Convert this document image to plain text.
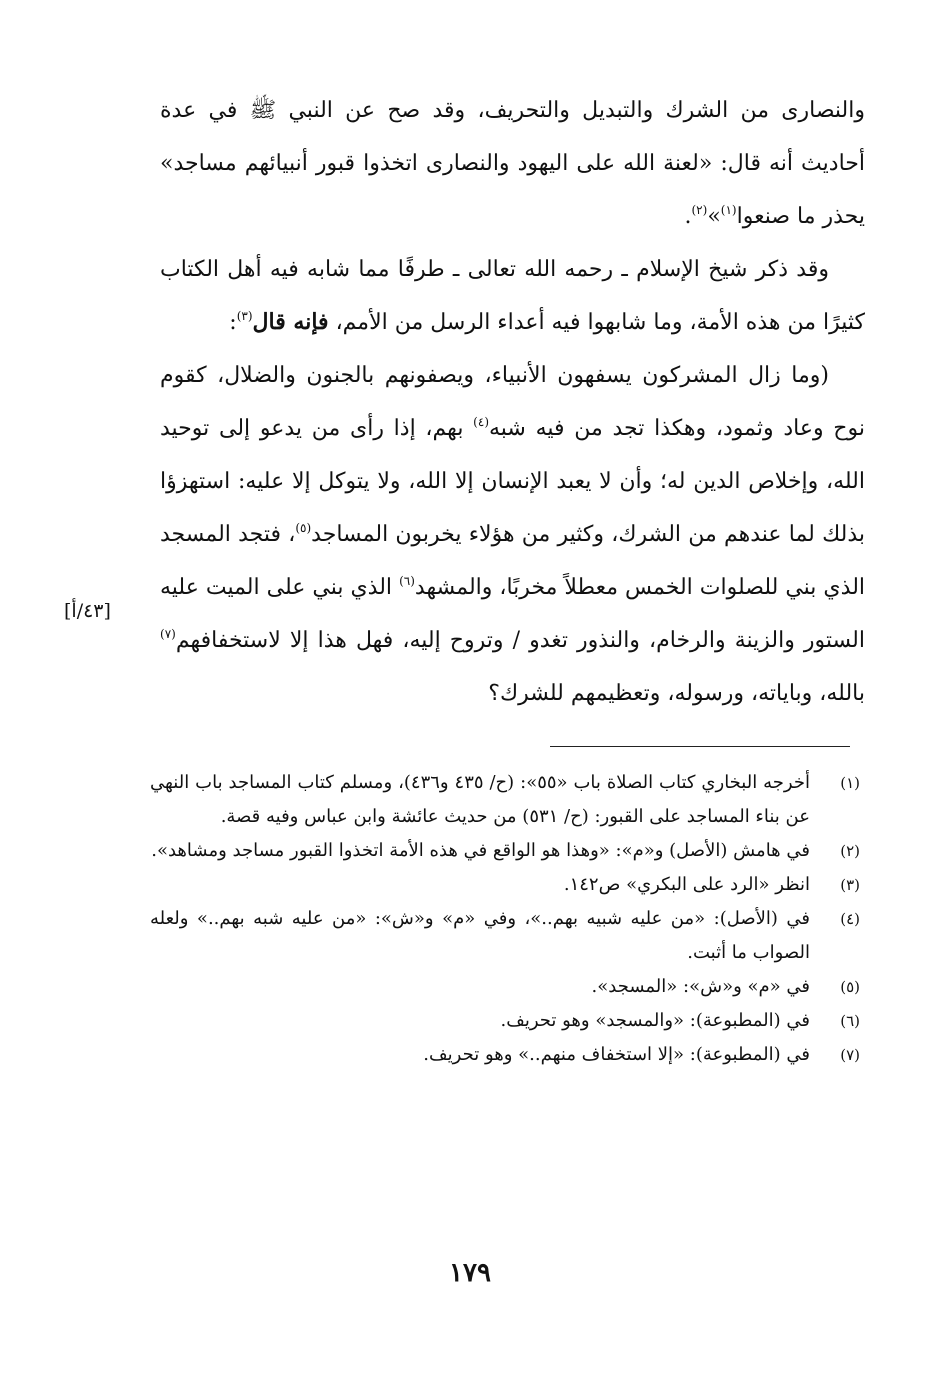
والنصارى من الشرك والتبديل والتحريف، وقد صح عن النبي ﷺ في عدة أحاديث أنه قال: «لعنة الله على اليهود والنصارى اتخذوا قبور أنبيائهم مساجد» يحذر ما صنعوا$^{(١)}$»$^{(٢)}$.

وقد ذكر شيخ الإسلام ـ رحمه الله تعالى ـ طرفًا مما شابه فيه أهل الكتاب كثيرًا من هذه الأمة، وما شابهوا فيه أعداء الرسل من الأمم، فإنه قال$^{(٣)}$:

(وما زال المشركون يسفهون الأنبياء، ويصفونهم بالجنون والضلال، كقوم نوح وعاد وثمود، وهكذا تجد من فيه شبه$^{(٤)}$ بهم، إذا رأى من يدعو إلى توحيد الله، وإخلاص الدين له؛ وأن لا يعبد الإنسان إلا الله، ولا يتوكل إلا عليه: استهزؤا بذلك لما عندهم من الشرك، وكثير من هؤلاء يخربون المساجد$^{(٥)}$، فتجد المسجد الذي بني للصلوات الخمس معطلاً مخربًا، والمشهد$^{(٦)}$ الذي بني على الميت عليه الستور والزينة والرخام، والنذور تغدو / وتروح إليه، فهل هذا إلا لاستخفافهم$^{(٧)}$ بالله، وباياته، ورسوله، وتعظيمهم للشرك؟

[٤٣/أ]
(١)
أخرجه البخاري كتاب الصلاة باب «٥٥»: (ح/ ٤٣٥ و٤٣٦)، ومسلم كتاب المساجد باب النهي عن بناء المساجد على القبور: (ح/ ٥٣١) من حديث عائشة وابن عباس وفيه قصة.
(٢)
في هامش (الأصل) و«م»: «وهذا هو الواقع في هذه الأمة اتخذوا القبور مساجد ومشاهد».
(٣)
انظر «الرد على البكري» ص١٤٢.
(٤)
في (الأصل): «من عليه شبيه بهم..»، وفي «م» و«ش»: «من عليه شبه بهم..» ولعله الصواب ما أثبت.
(٥)
في «م» و«ش»: «المسجد».
(٦)
في (المطبوعة): «والمسجد» وهو تحريف.
(٧)
في (المطبوعة): «إلا استخفاف منهم..» وهو تحريف.
١٧٩
